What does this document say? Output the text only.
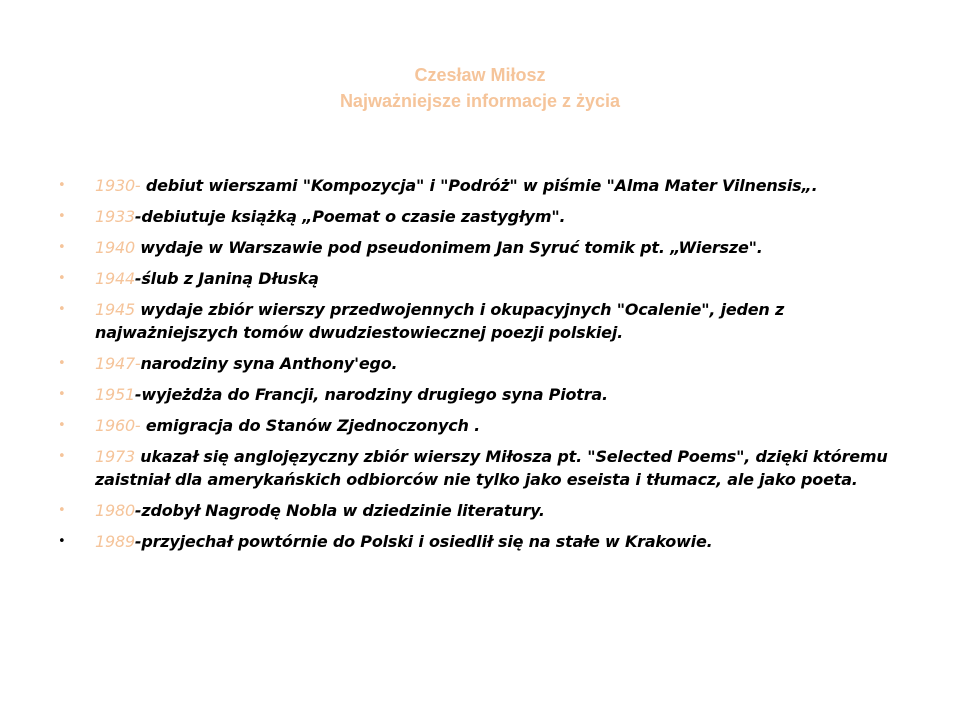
Czesław Miłosz
Najważniejsze informacje z życia
• 1930- debiut wierszami "Kompozycja" i "Podróż" w piśmie "Alma Mater Vilnensis„.
• 1933-debiutuje książką „Poemat o czasie zastygłym".
• 1940 wydaje w Warszawie pod pseudonimem Jan Syruć tomik pt. „Wiersze".
• 1944-ślub z Janiną Dłuską
• 1945 wydaje zbiór wierszy przedwojennych i okupacyjnych "Ocalenie", jeden z najważniejszych tomów dwudziestowiecznej poezji polskiej.
• 1947-narodziny syna Anthony'ego.
• 1951-wyjeżdża do Francji, narodziny drugiego syna Piotra.
• 1960- emigracja do Stanów Zjednoczonych .
• 1973 ukazał się anglojęzyczny zbiór wierszy Miłosza pt. "Selected Poems", dzięki któremu zaistniał dla amerykańskich odbiorców nie tylko jako eseista i tłumacz, ale jako poeta.
• 1980-zdobył Nagrodę Nobla w dziedzinie literatury.
• 1989-przyjechał powtórnie do Polski i osiedlił się na stałe w Krakowie.
